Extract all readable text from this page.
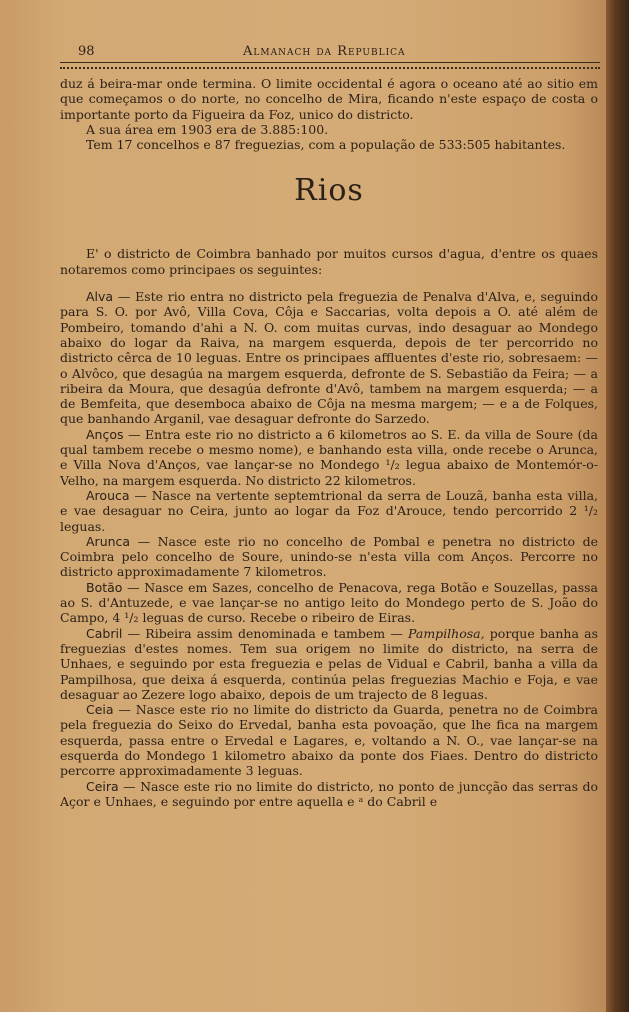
98	Almanach da Republica

duz á beira-mar onde termina. O limite occidental é agora o oceano até ao sitio em que começamos o do norte, no concelho de Mira, ficando n'este espaço de costa o importante porto da Figueira da Foz, unico do districto.

A sua área em 1903 era de 3.885:100.

Tem 17 concelhos e 87 freguezias, com a população de 533:505 habitantes.

Rios

E' o districto de Coimbra banhado por muitos cursos d'agua, d'entre os quaes notaremos como principaes os seguintes:

Alva — Este rio entra no districto pela freguezia de Penalva d'Alva, e, seguindo para S. O. por Avô, Villa Cova, Côja e Saccarias, volta depois a O. até além de Pombeiro, tomando d'ahi a N. O. com muitas curvas, indo desaguar ao Mondego abaixo do logar da Raiva, na margem esquerda, depois de ter percorrido no districto cêrca de 10 leguas. Entre os principaes affluentes d'este rio, sobresaem: — o Alvôco, que desagúa na margem esquerda, defronte de S. Sebastião da Feira; — a ribeira da Moura, que desagúa defronte d'Avô, tambem na margem esquerda; — a de Bemfeita, que desemboca abaixo de Côja na mesma margem; — e a de Folques, que banhando Arganil, vae desaguar defronte do Sarzedo.

Anços — Entra este rio no districto a 6 kilometros ao S. E. da villa de Soure (da qual tambem recebe o mesmo nome), e banhando esta villa, onde recebe o Arunca, e Villa Nova d'Anços, vae lançar-se no Mondego ¹/₂ legua abaixo de Montemór-o-Velho, na margem esquerda. No districto 22 kilometros.

Arouca — Nasce na vertente septemtrional da serra de Louzã, banha esta villa, e vae desaguar no Ceira, junto ao logar da Foz d'Arouce, tendo percorrido 2 ¹/₂ leguas.

Arunca — Nasce este rio no concelho de Pombal e penetra no districto de Coimbra pelo concelho de Soure, unindo-se n'esta villa com Anços. Percorre no districto approximadamente 7 kilometros.

Botão — Nasce em Sazes, concelho de Penacova, rega Botão e Souzellas, passa ao S. d'Antuzede, e vae lançar-se no antigo leito do Mondego perto de S. João do Campo, 4 ¹/₂ leguas de curso. Recebe o ribeiro de Eiras.

Cabril — Ribeira assim denominada e tambem — Pampilhosa, porque banha as freguezias d'estes nomes. Tem sua origem no limite do districto, na serra de Unhaes, e seguindo por esta freguezia e pelas de Vidual e Cabril, banha a villa da Pampilhosa, que deixa á esquerda, continúa pelas freguezias Machio e Foja, e vae desaguar ao Zezere logo abaixo, depois de um trajecto de 8 leguas.

Ceia — Nasce este rio no limite do districto da Guarda, penetra no de Coimbra pela freguezia do Seixo do Ervedal, banha esta povoação, que lhe fica na margem esquerda, passa entre o Ervedal e Lagares, e, voltando a N. O., vae lançar-se na esquerda do Mondego 1 kilometro abaixo da ponte dos Fiaes. Dentro do districto percorre approximadamente 3 leguas.

Ceira — Nasce este rio no limite do districto, no ponto de juncção das serras do Açor e Unhaes, e seguindo por entre aquella e ᵃ do Cabril e
